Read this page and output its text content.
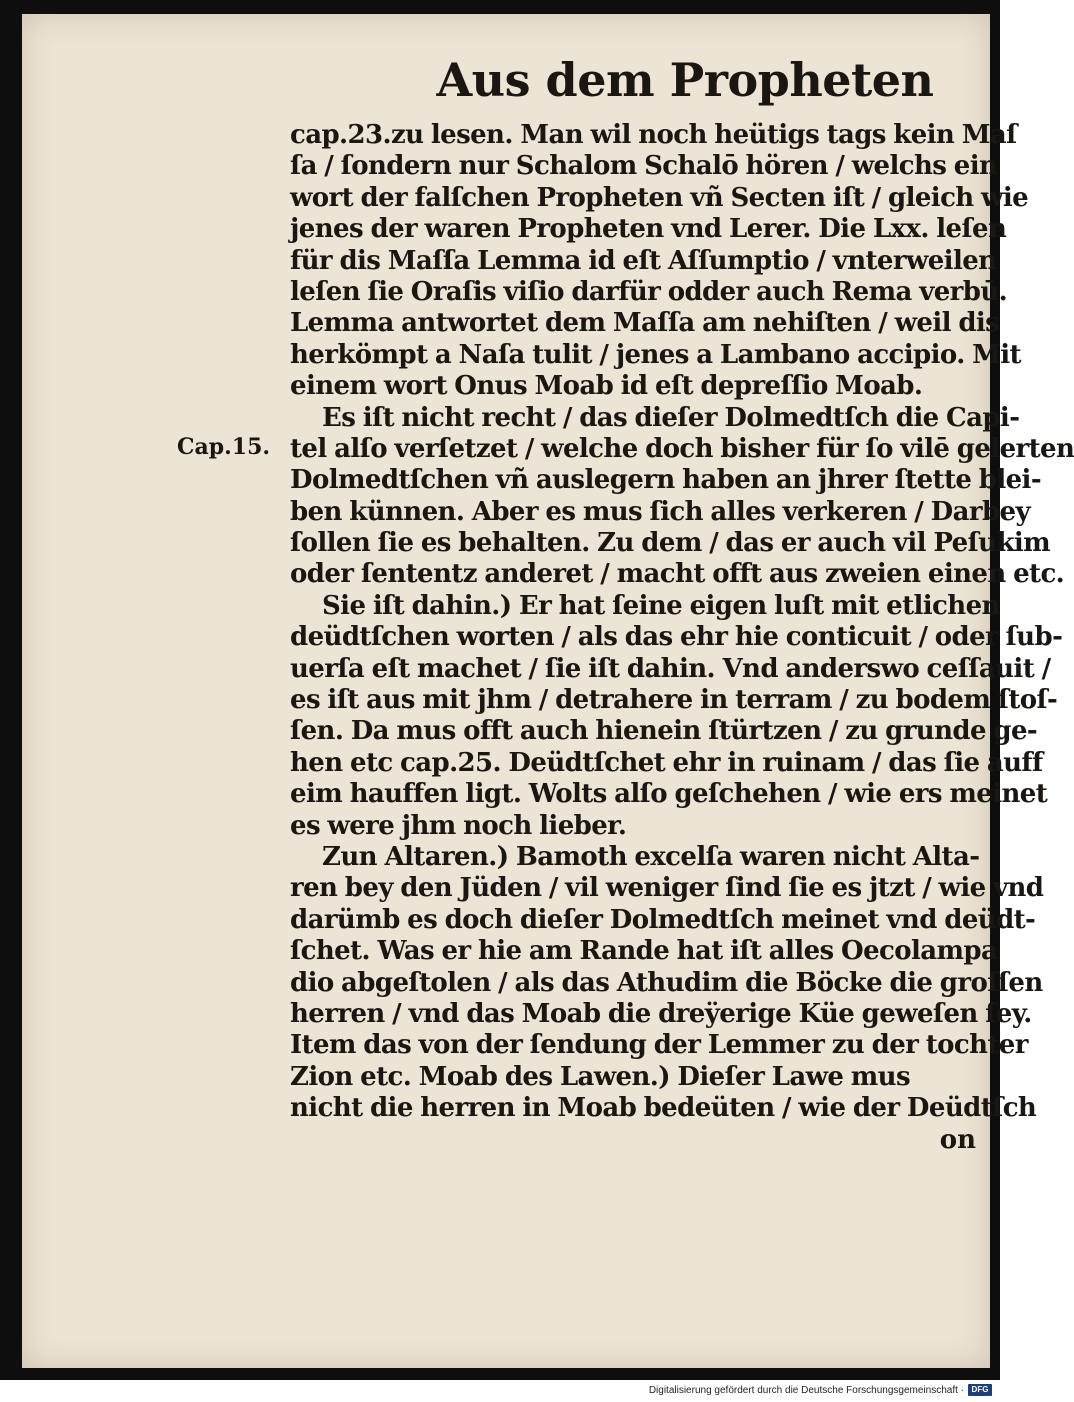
Cap.15.
Aus dem Propheten
cap.23.zu lesen. Man wil noch heütigs tags kein Maſ
ſa / ſondern nur Schalom Schalō hören / welchs ein
wort der falſchen Propheten vñ Secten iſt / gleich wie
jenes der waren Propheten vnd Lerer. Die Lxx. leſen
für dis Maſſa Lemma id eſt Aſſumptio / vnterweilen
leſen ſie Oraſis viſio darfür odder auch Rema verbū.
Lemma antwortet dem Maſſa am nehiſten / weil dis
herkömpt a Naſa tulit / jenes a Lambano accipio. Mit
einem wort Onus Moab id eſt depreſſio Moab.
Es iſt nicht recht / das dieſer Dolmedtſch die Capi-
tel alſo verſetzet / welche doch bisher für ſo vilē gelerten
Dolmedtſchen vñ auslegern haben an jhrer ſtette blei-
ben künnen. Aber es mus ſich alles verkeren / Darbey
ſollen ſie es behalten. Zu dem / das er auch vil Peſukim
oder ſententz anderet / macht offt aus zweien einen etc.
Sie iſt dahin.) Er hat ſeine eigen luſt mit etlichen
deüdtſchen worten / als das ehr hie conticuit / oder ſub-
uerſa eſt machet / ſie iſt dahin. Vnd anderswo ceſſauit /
es iſt aus mit jhm / detrahere in terram / zu bodem ſtoſ-
ſen. Da mus offt auch hienein ſtürtzen / zu grunde ge-
hen etc cap.25. Deüdtſchet ehr in ruinam / das ſie auff
eim hauffen ligt. Wolts alſo geſchehen / wie ers meinet
es were jhm noch lieber.
Zun Altaren.) Bamoth excelſa waren nicht Alta-
ren bey den Jüden / vil weniger ſind ſie es jtzt / wie vnd
darümb es doch dieſer Dolmedtſch meinet vnd deüdt-
ſchet. Was er hie am Rande hat iſt alles Oecolampa
dio abgeſtolen / als das Athudim die Böcke die groſſen
herren / vnd das Moab die dreÿerige Küe geweſen ſey.
Item das von der ſendung der Lemmer zu der tochter
Zion etc. Moab des Lawen.) Dieſer Lawe mus
nicht die herren in Moab bedeüten / wie der Deüdtſch
on
Digitalisierung gefördert durch die Deutsche Forschungsgemeinschaft · DFG
